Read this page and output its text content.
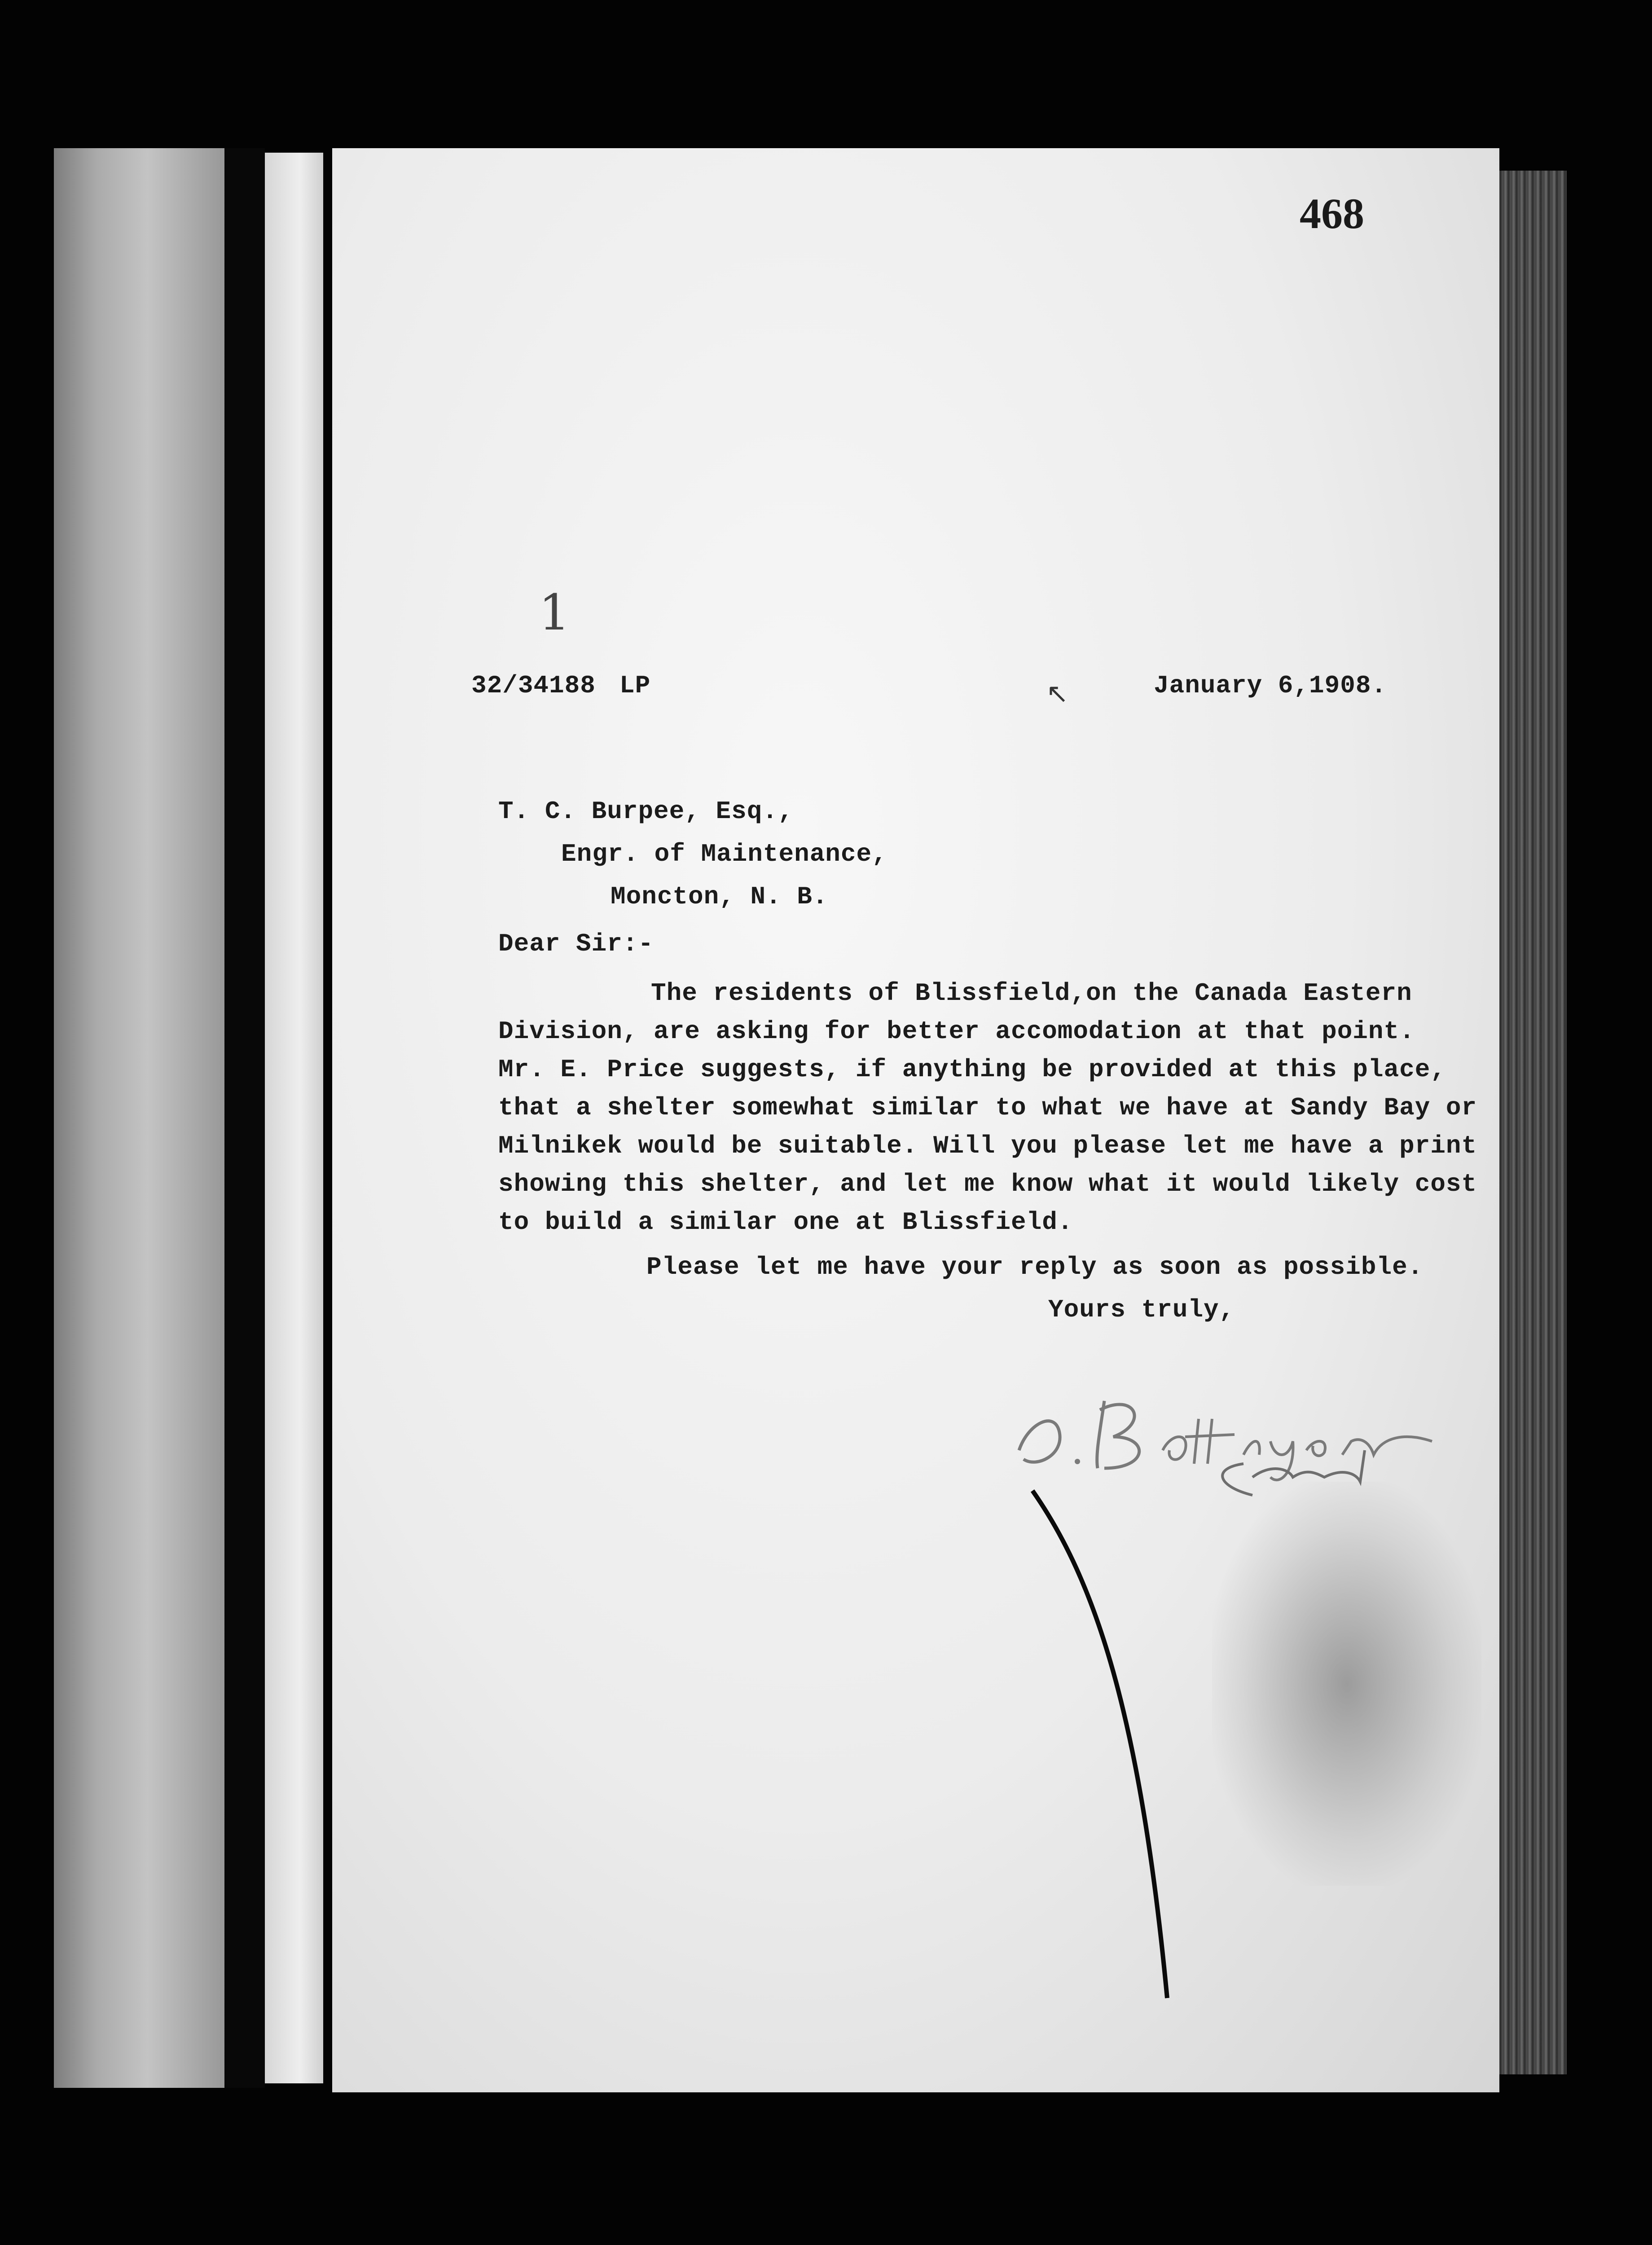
468
1
↖
32/34188 LP	January 6,1908.
T. C. Burpee, Esq.,
Engr. of Maintenance,
Moncton, N. B.
Dear Sir:-
The residents of Blissfield,on the Canada Eastern
Division, are asking for better accomodation at that point.
Mr. E. Price suggests, if anything be provided at this place,
that a shelter somewhat similar to what we have at Sandy Bay or
Milnikek would be suitable. Will you please let me have a print
showing this shelter, and let me know what it would likely cost
to build a similar one at Blissfield.
Please let me have your reply as soon as possible.
Yours truly,
